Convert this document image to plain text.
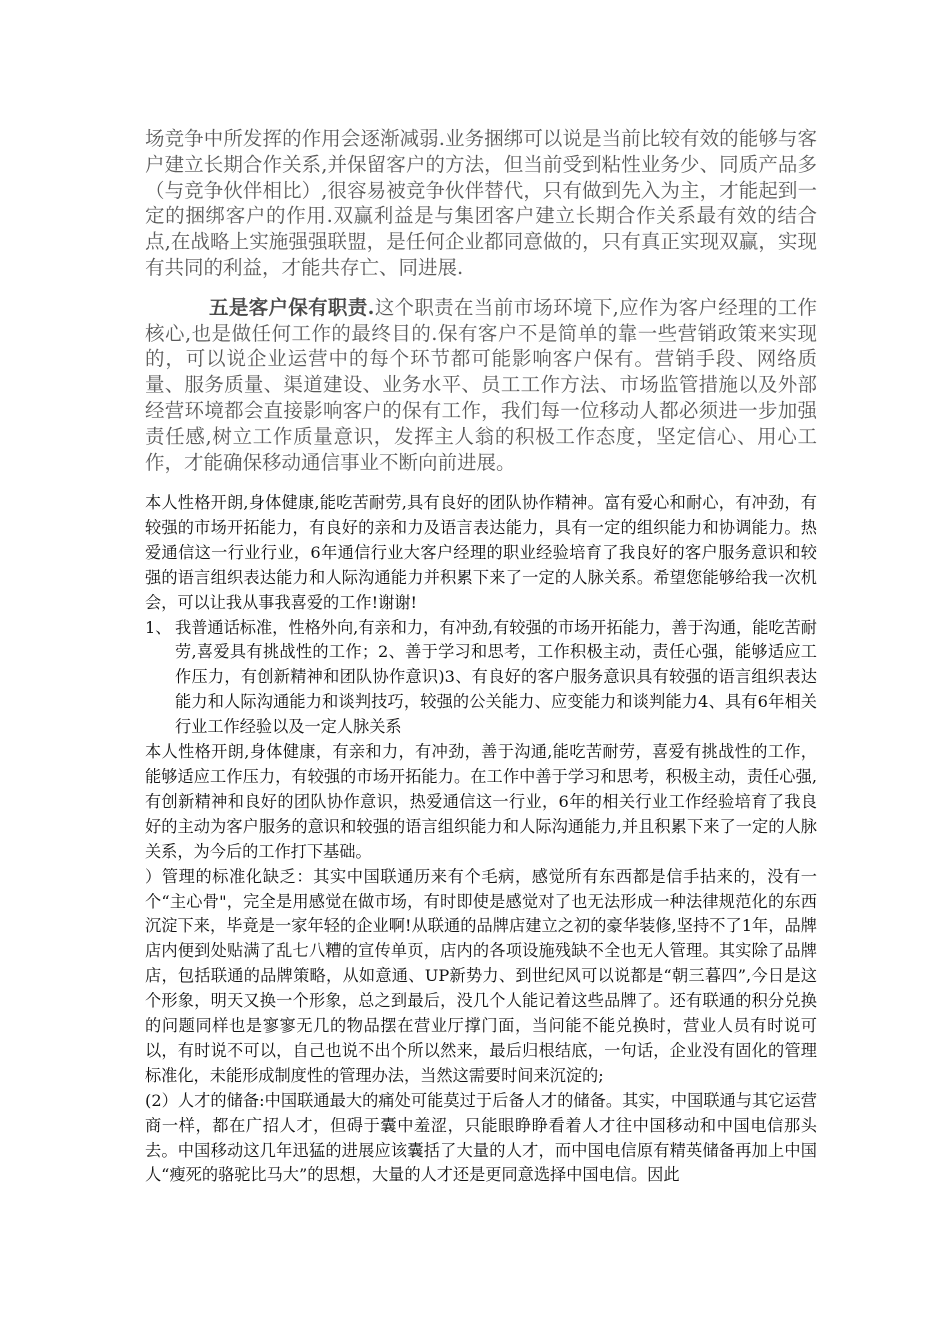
场竞争中所发挥的作用会逐渐减弱.业务捆绑可以说是当前比较有效的能够与客户建立长期合作关系,并保留客户的方法，但当前受到粘性业务少、同质产品多（与竞争伙伴相比）,很容易被竞争伙伴替代，只有做到先入为主，才能起到一定的捆绑客户的作用.双赢利益是与集团客户建立长期合作关系最有效的结合点,在战略上实施强强联盟，是任何企业都同意做的，只有真正实现双赢，实现有共同的利益，才能共存亡、同进展.

五是客户保有职责.这个职责在当前市场环境下,应作为客户经理的工作核心,也是做任何工作的最终目的.保有客户不是简单的靠一些营销政策来实现的，可以说企业运营中的每个环节都可能影响客户保有。营销手段、网络质量、服务质量、渠道建设、业务水平、员工工作方法、市场监管措施以及外部经营环境都会直接影响客户的保有工作，我们每一位移动人都必须进一步加强责任感,树立工作质量意识，发挥主人翁的积极工作态度，坚定信心、用心工作，才能确保移动通信事业不断向前进展。

本人性格开朗,身体健康,能吃苦耐劳,具有良好的团队协作精神。富有爱心和耐心，有冲劲，有较强的市场开拓能力，有良好的亲和力及语言表达能力，具有一定的组织能力和协调能力。热爱通信这一行业行业，6年通信行业大客户经理的职业经验培育了我良好的客户服务意识和较强的语言组织表达能力和人际沟通能力并积累下来了一定的人脉关系。希望您能够给我一次机会，可以让我从事我喜爱的工作!谢谢!

1、 我普通话标准，性格外向,有亲和力，有冲劲,有较强的市场开拓能力，善于沟通，能吃苦耐劳,喜爱具有挑战性的工作；2、善于学习和思考，工作积极主动，责任心强，能够适应工作压力，有创新精神和团队协作意识)3、有良好的客户服务意识具有较强的语言组织表达能力和人际沟通能力和谈判技巧，较强的公关能力、应变能力和谈判能力4、具有6年相关行业工作经验以及一定人脉关系

本人性格开朗,身体健康，有亲和力，有冲劲，善于沟通,能吃苦耐劳，喜爱有挑战性的工作，能够适应工作压力，有较强的市场开拓能力。在工作中善于学习和思考，积极主动，责任心强,有创新精神和良好的团队协作意识，热爱通信这一行业，6年的相关行业工作经验培育了我良好的主动为客户服务的意识和较强的语言组织能力和人际沟通能力,并且积累下来了一定的人脉关系，为今后的工作打下基础。

）管理的标准化缺乏：其实中国联通历来有个毛病，感觉所有东西都是信手拈来的，没有一个“主心骨"，完全是用感觉在做市场，有时即使是感觉对了也无法形成一种法律规范化的东西沉淀下来，毕竟是一家年轻的企业啊!从联通的品牌店建立之初的豪华装修,坚持不了1年，品牌店内便到处贴满了乱七八糟的宣传单页，店内的各项设施残缺不全也无人管理。其实除了品牌店，包括联通的品牌策略，从如意通、UP新势力、到世纪风可以说都是“朝三暮四”,今日是这个形象，明天又换一个形象，总之到最后，没几个人能记着这些品牌了。还有联通的积分兑换的问题同样也是寥寥无几的物品摆在营业厅撑门面，当问能不能兑换时，营业人员有时说可以，有时说不可以，自己也说不出个所以然来，最后归根结底，一句话，企业没有固化的管理标准化，未能形成制度性的管理办法，当然这需要时间来沉淀的;

(2）人才的储备:中国联通最大的痛处可能莫过于后备人才的储备。其实，中国联通与其它运营商一样，都在广招人才，但碍于囊中羞涩，只能眼睁睁看着人才往中国移动和中国电信那头去。中国移动这几年迅猛的进展应该囊括了大量的人才，而中国电信原有精英储备再加上中国人“瘦死的骆驼比马大”的思想，大量的人才还是更同意选择中国电信。因此
